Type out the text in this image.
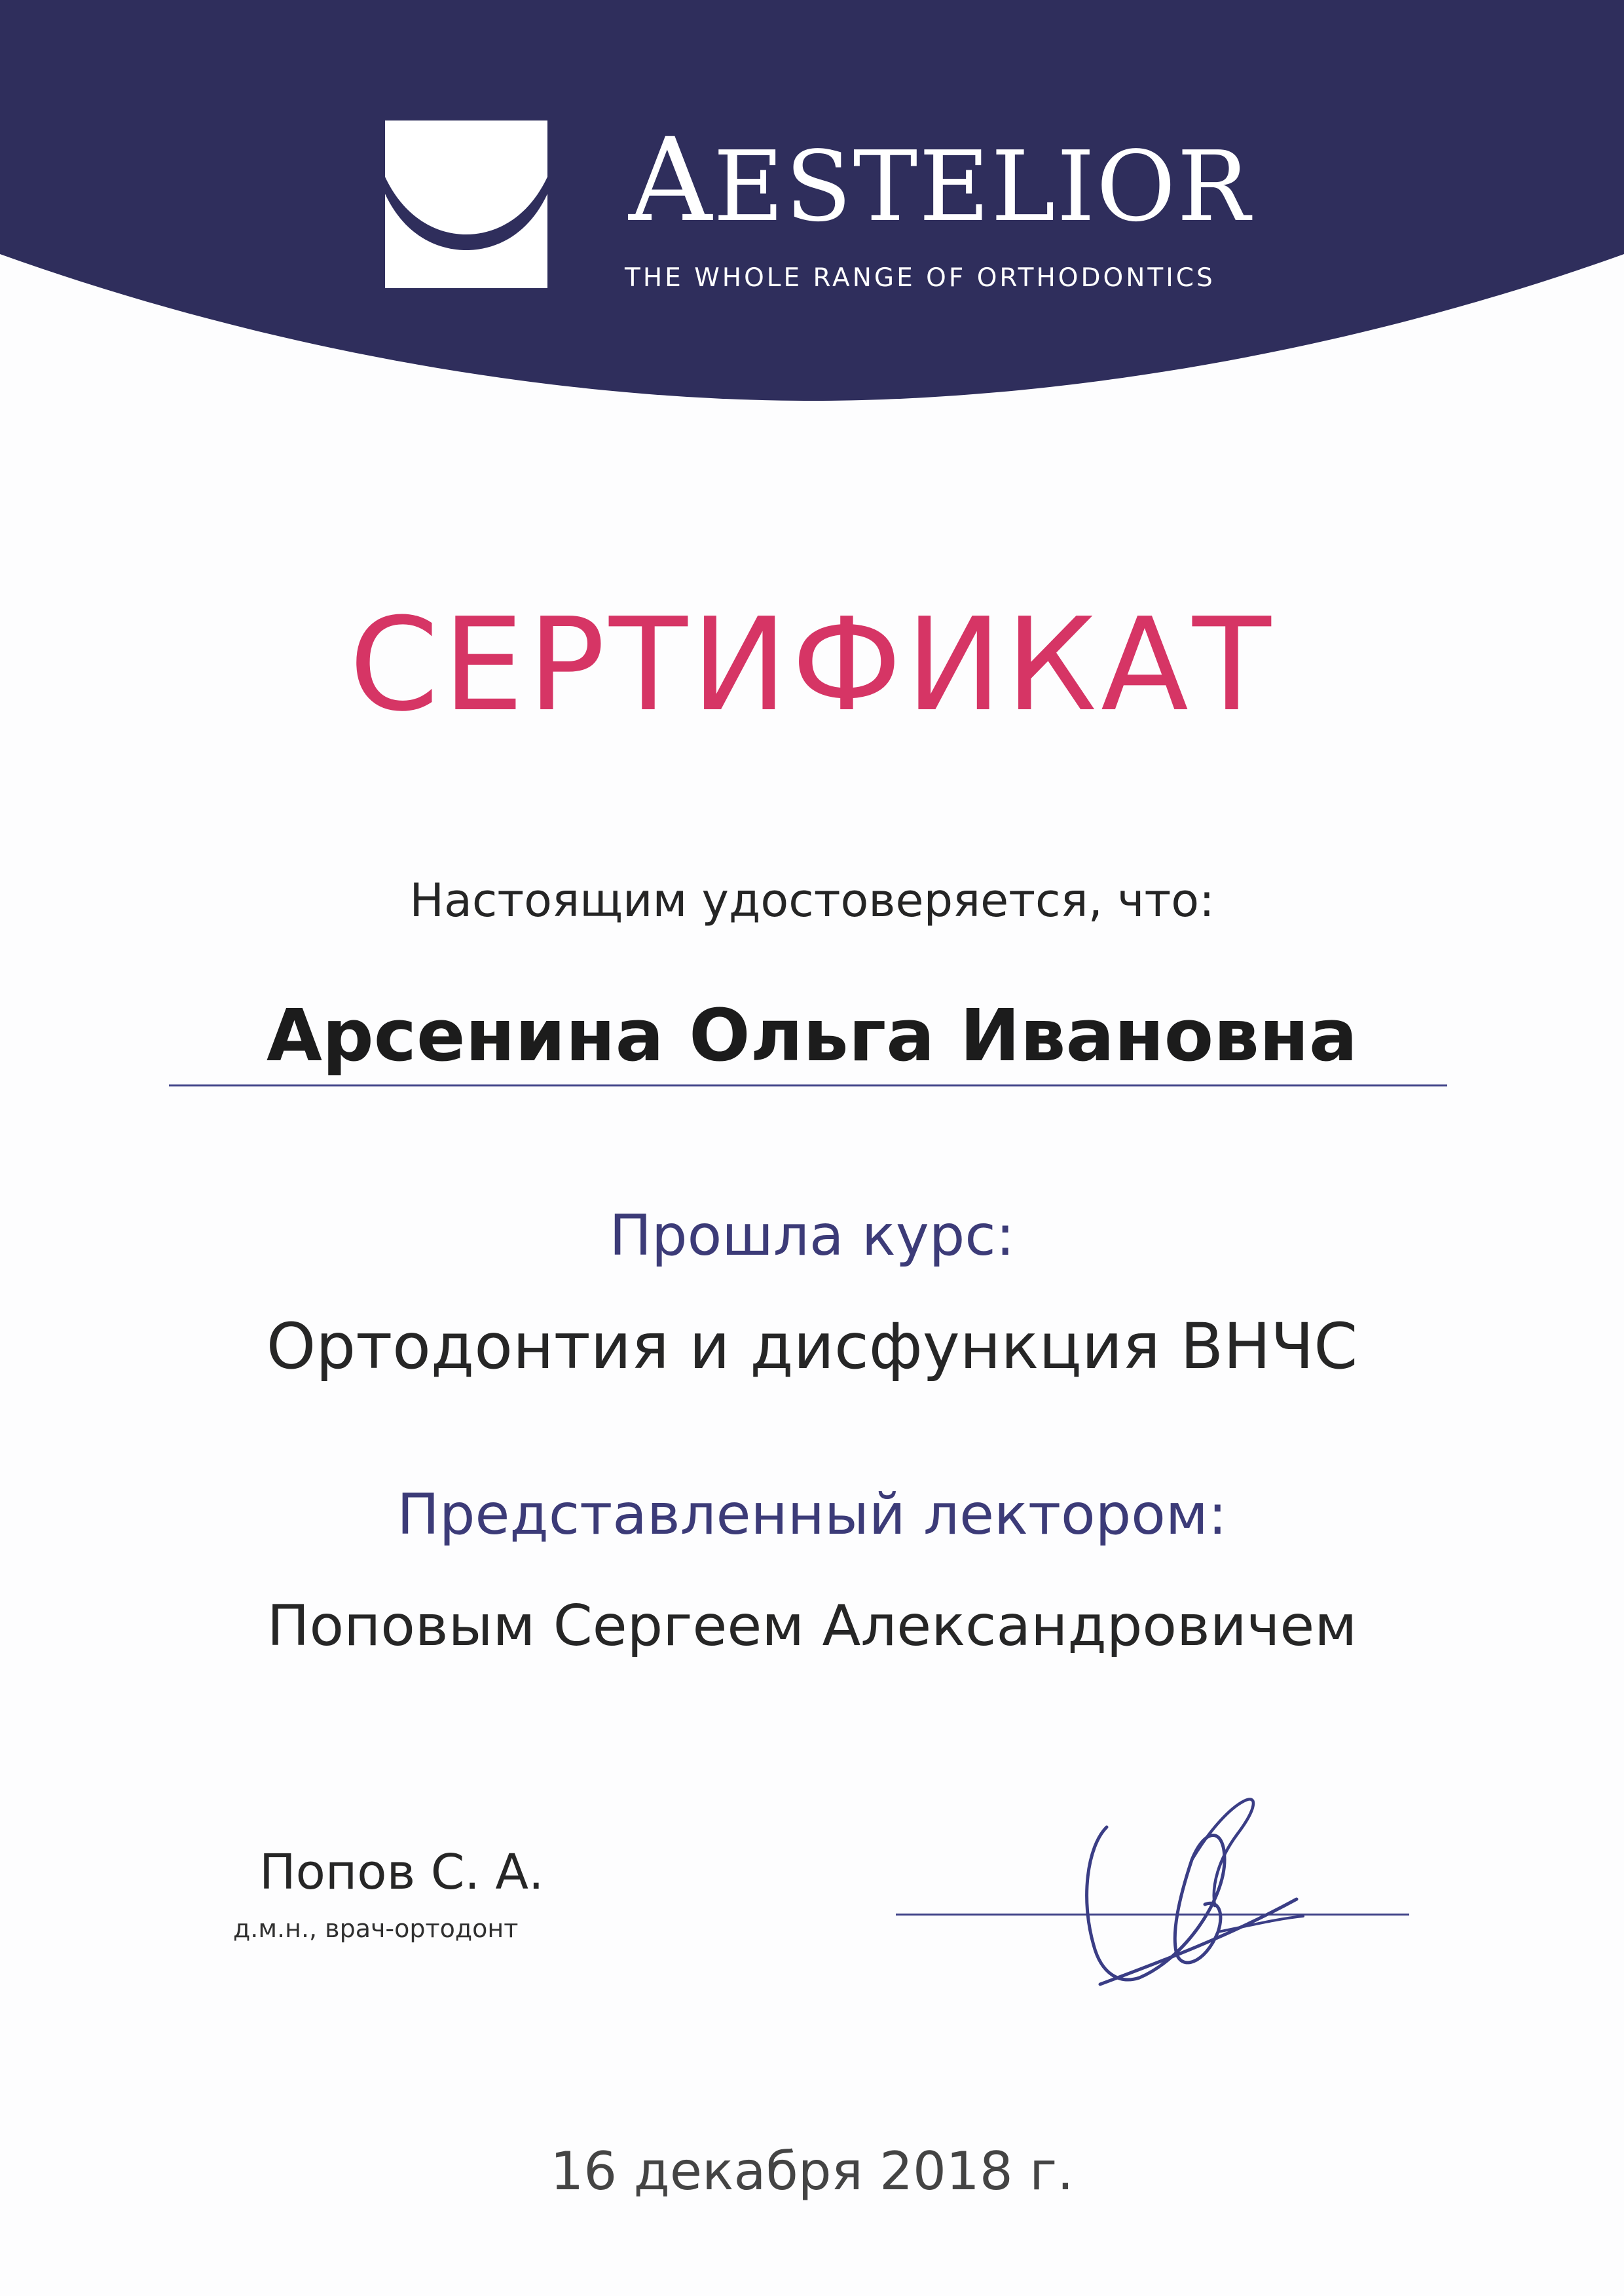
AESTELIOR
THE WHOLE RANGE OF ORTHODONTICS
СЕРТИФИКАТ
Настоящим удостоверяется, что:
Арсенина Ольга Ивановна
Прошла курс:
Ортодонтия и дисфункция ВНЧС
Представленный лектором:
Поповым Сергеем Александровичем
Попов С. А.
д.м.н., врач-ортодонт
16 декабря 2018 г.
